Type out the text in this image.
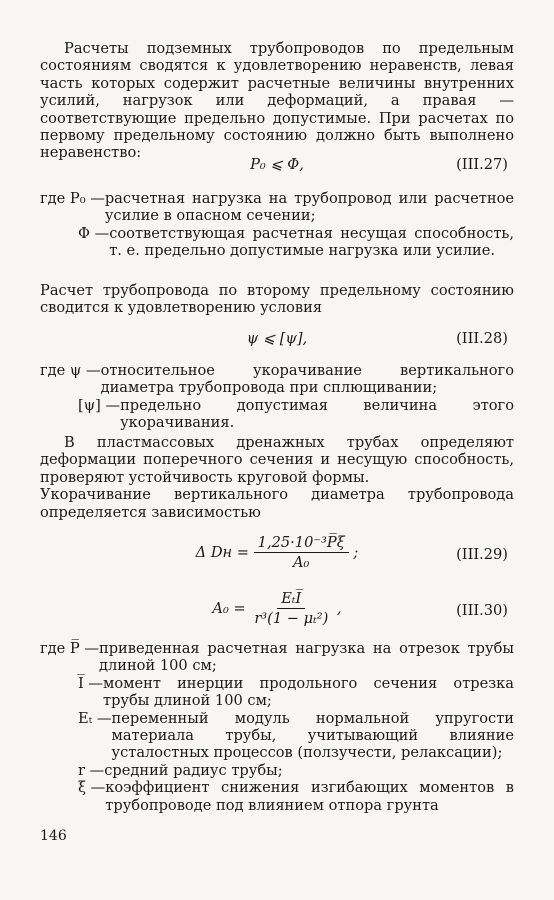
Расчеты подземных трубопроводов по предельным состояниям сводятся к удовлетворению неравенств, левая часть которых содержит расчетные величины внутренних усилий, нагрузок или деформаций, а правая — соответствующие предельно допустимые. При расчетах по первому предельному состоянию должно быть выполнено неравенство:

P₀ ⩽ Φ,	(III.27)
где P₀ — расчетная нагрузка на трубопровод или расчетное усилие в опасном сечении;
Φ — соответствующая расчетная несущая способность, т. е. предельно допустимые нагрузка или усилие.

Расчет трубопровода по второму предельному состоянию сводится к удовлетворению условия

ψ ⩽ [ψ],	(III.28)
где ψ — относительное укорачивание вертикального диаметра трубопровода при сплющивании;
[ψ] — предельно допустимая величина этого укорачивания.

В пластмассовых дренажных трубах определяют деформации поперечного сечения и несущую способность, проверяют устойчивость круговой формы.

Укорачивание вертикального диаметра трубопровода определяется зависимостью

Δ Dн = $\frac{\text{1,25·10⁻³P̅ξ}}{\text{A₀}}$ ;	(III.29)
$A_0 = \frac{\text{EₜI̅}}{\text{r³(1 − μₜ²)}}$ ,	(III.30)
где P̅ — приведенная расчетная нагрузка на отрезок трубы длиной 100 см;
I̅ — момент инерции продольного сечения отрезка трубы длиной 100 см;
Eₜ — переменный модуль нормальной упругости материала трубы, учитывающий влияние усталостных процессов (ползучести, релаксации);
r — средний радиус трубы;
ξ — коэффициент снижения изгибающих моментов в трубопроводе под влиянием отпора грунта
146
